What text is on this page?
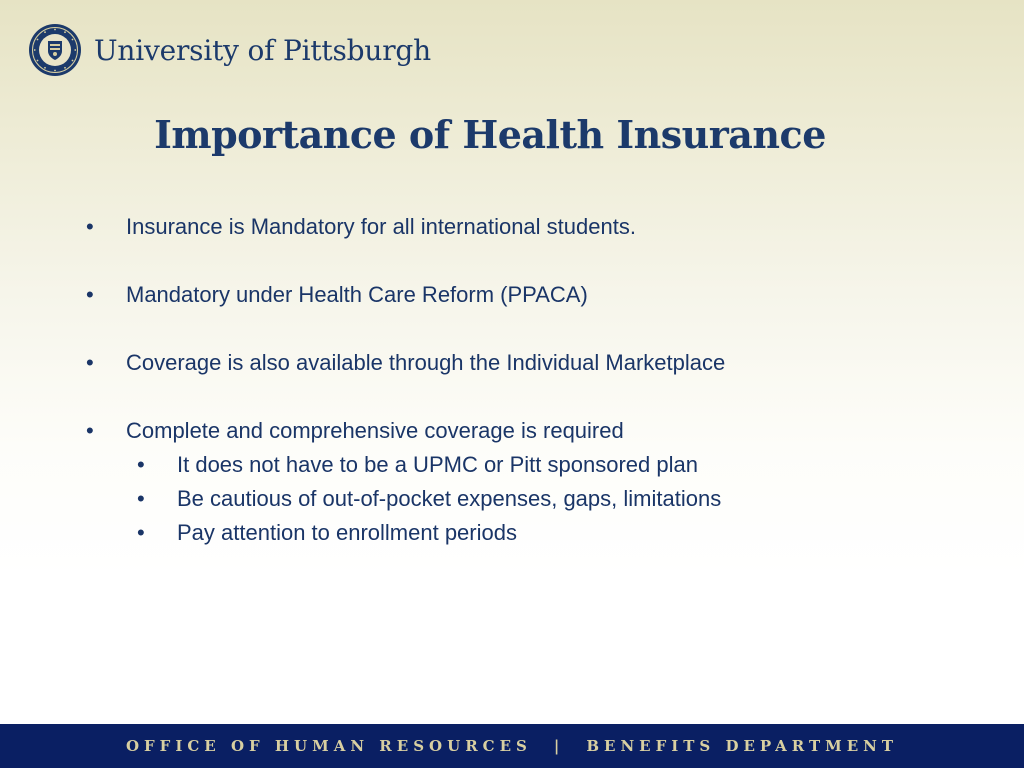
University of Pittsburgh
Importance of Health Insurance
• Insurance is Mandatory for all international students.
• Mandatory under Health Care Reform (PPACA)
• Coverage is also available through the Individual Marketplace
• Complete and comprehensive coverage is required
• It does not have to be a UPMC or Pitt sponsored plan
• Be cautious of out-of-pocket expenses, gaps, limitations
• Pay attention to enrollment periods
OFFICE OF HUMAN RESOURCES | BENEFITS DEPARTMENT
